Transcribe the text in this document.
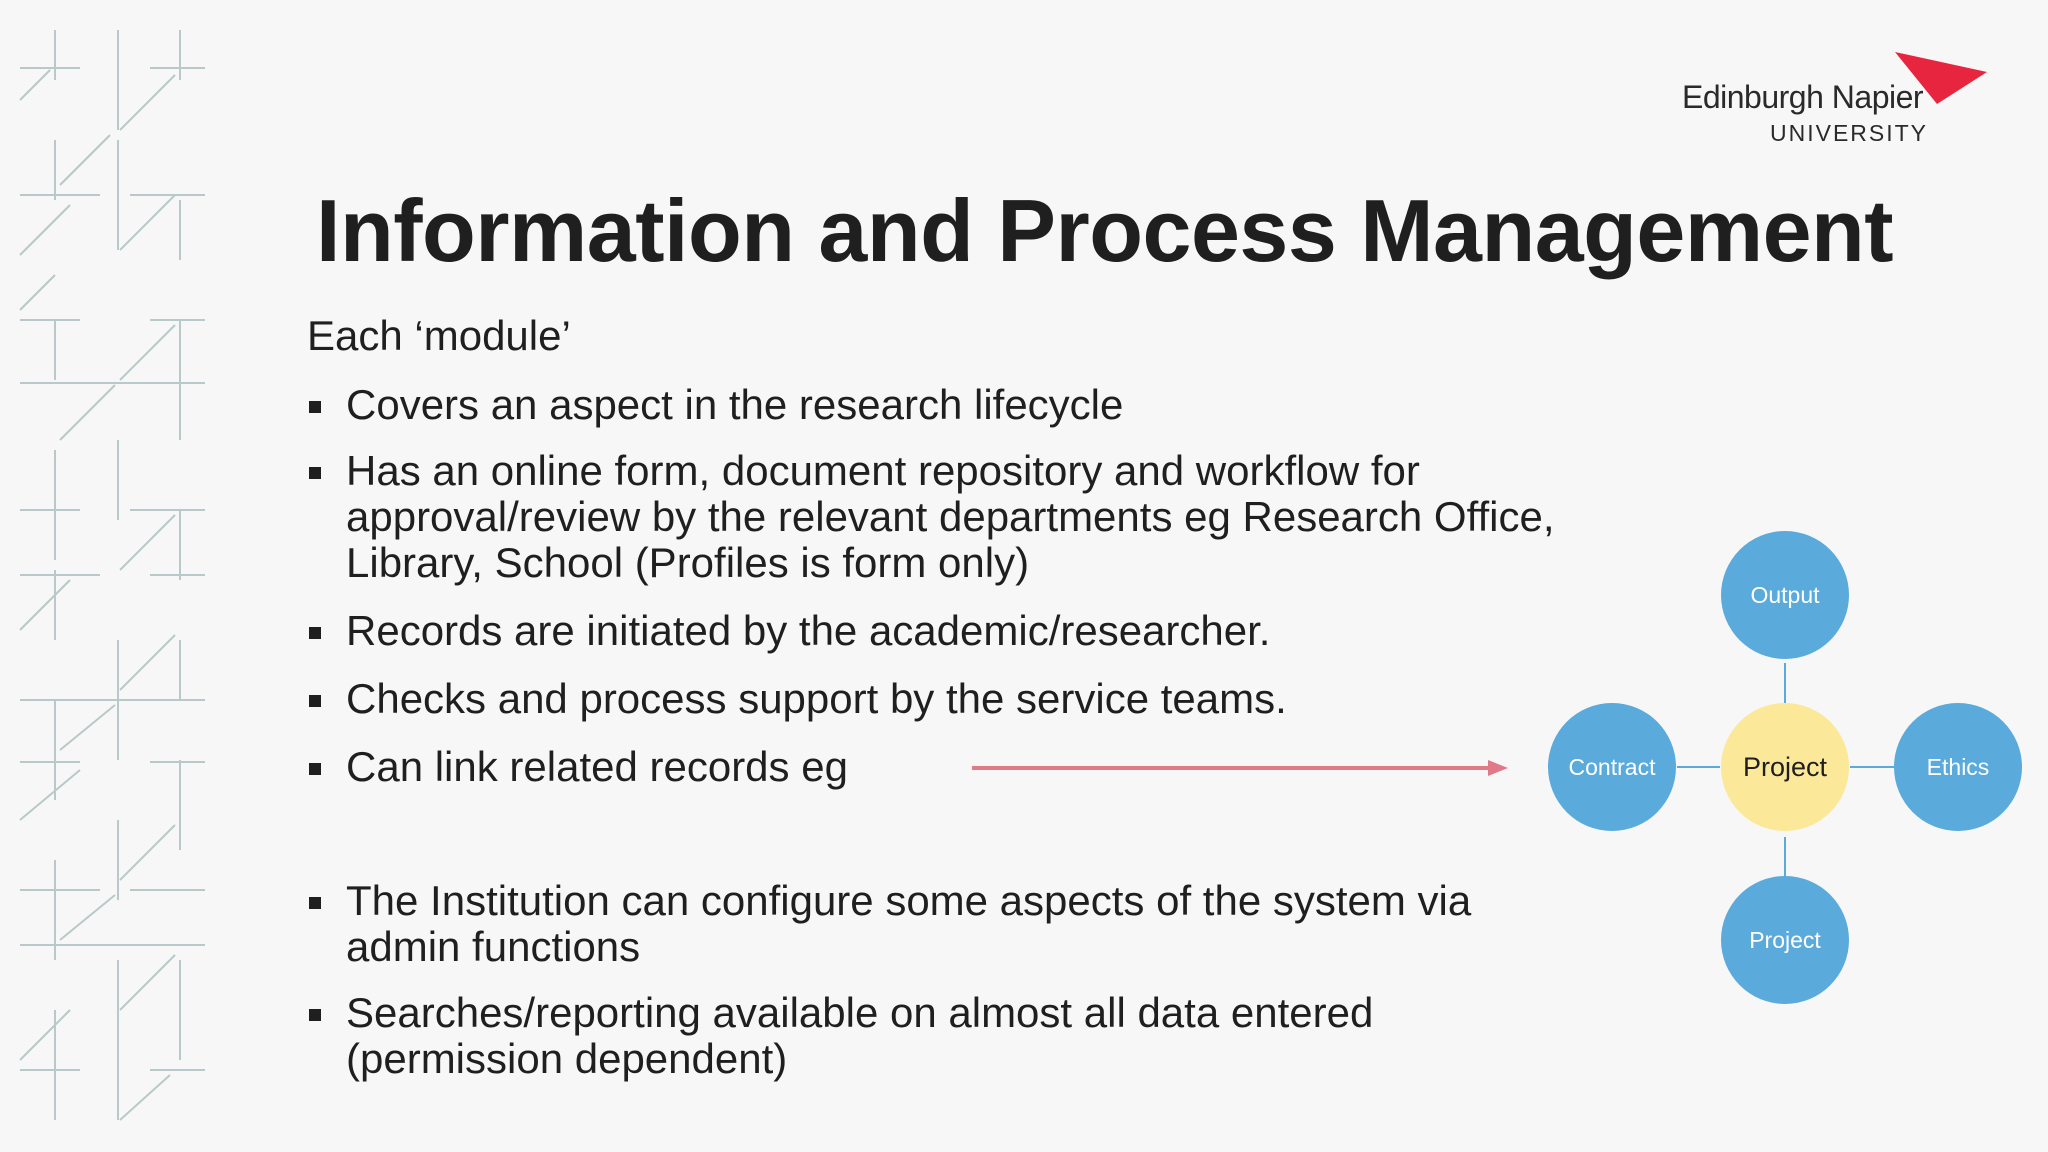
Edinburgh Napier
UNIVERSITY
Information and Process Management
Each ‘module’
Covers an aspect in the research lifecycle
Has an online form, document repository and workflow for approval/review by the relevant departments eg Research Office, Library, School (Profiles is form only)
Records are initiated by the academic/researcher.
Checks and process support by the service teams.
Can link related records eg
The Institution can configure some aspects of the system via admin functions
Searches/reporting available on almost all data entered (permission dependent)
Output
Contract	Project	Ethics
Project
